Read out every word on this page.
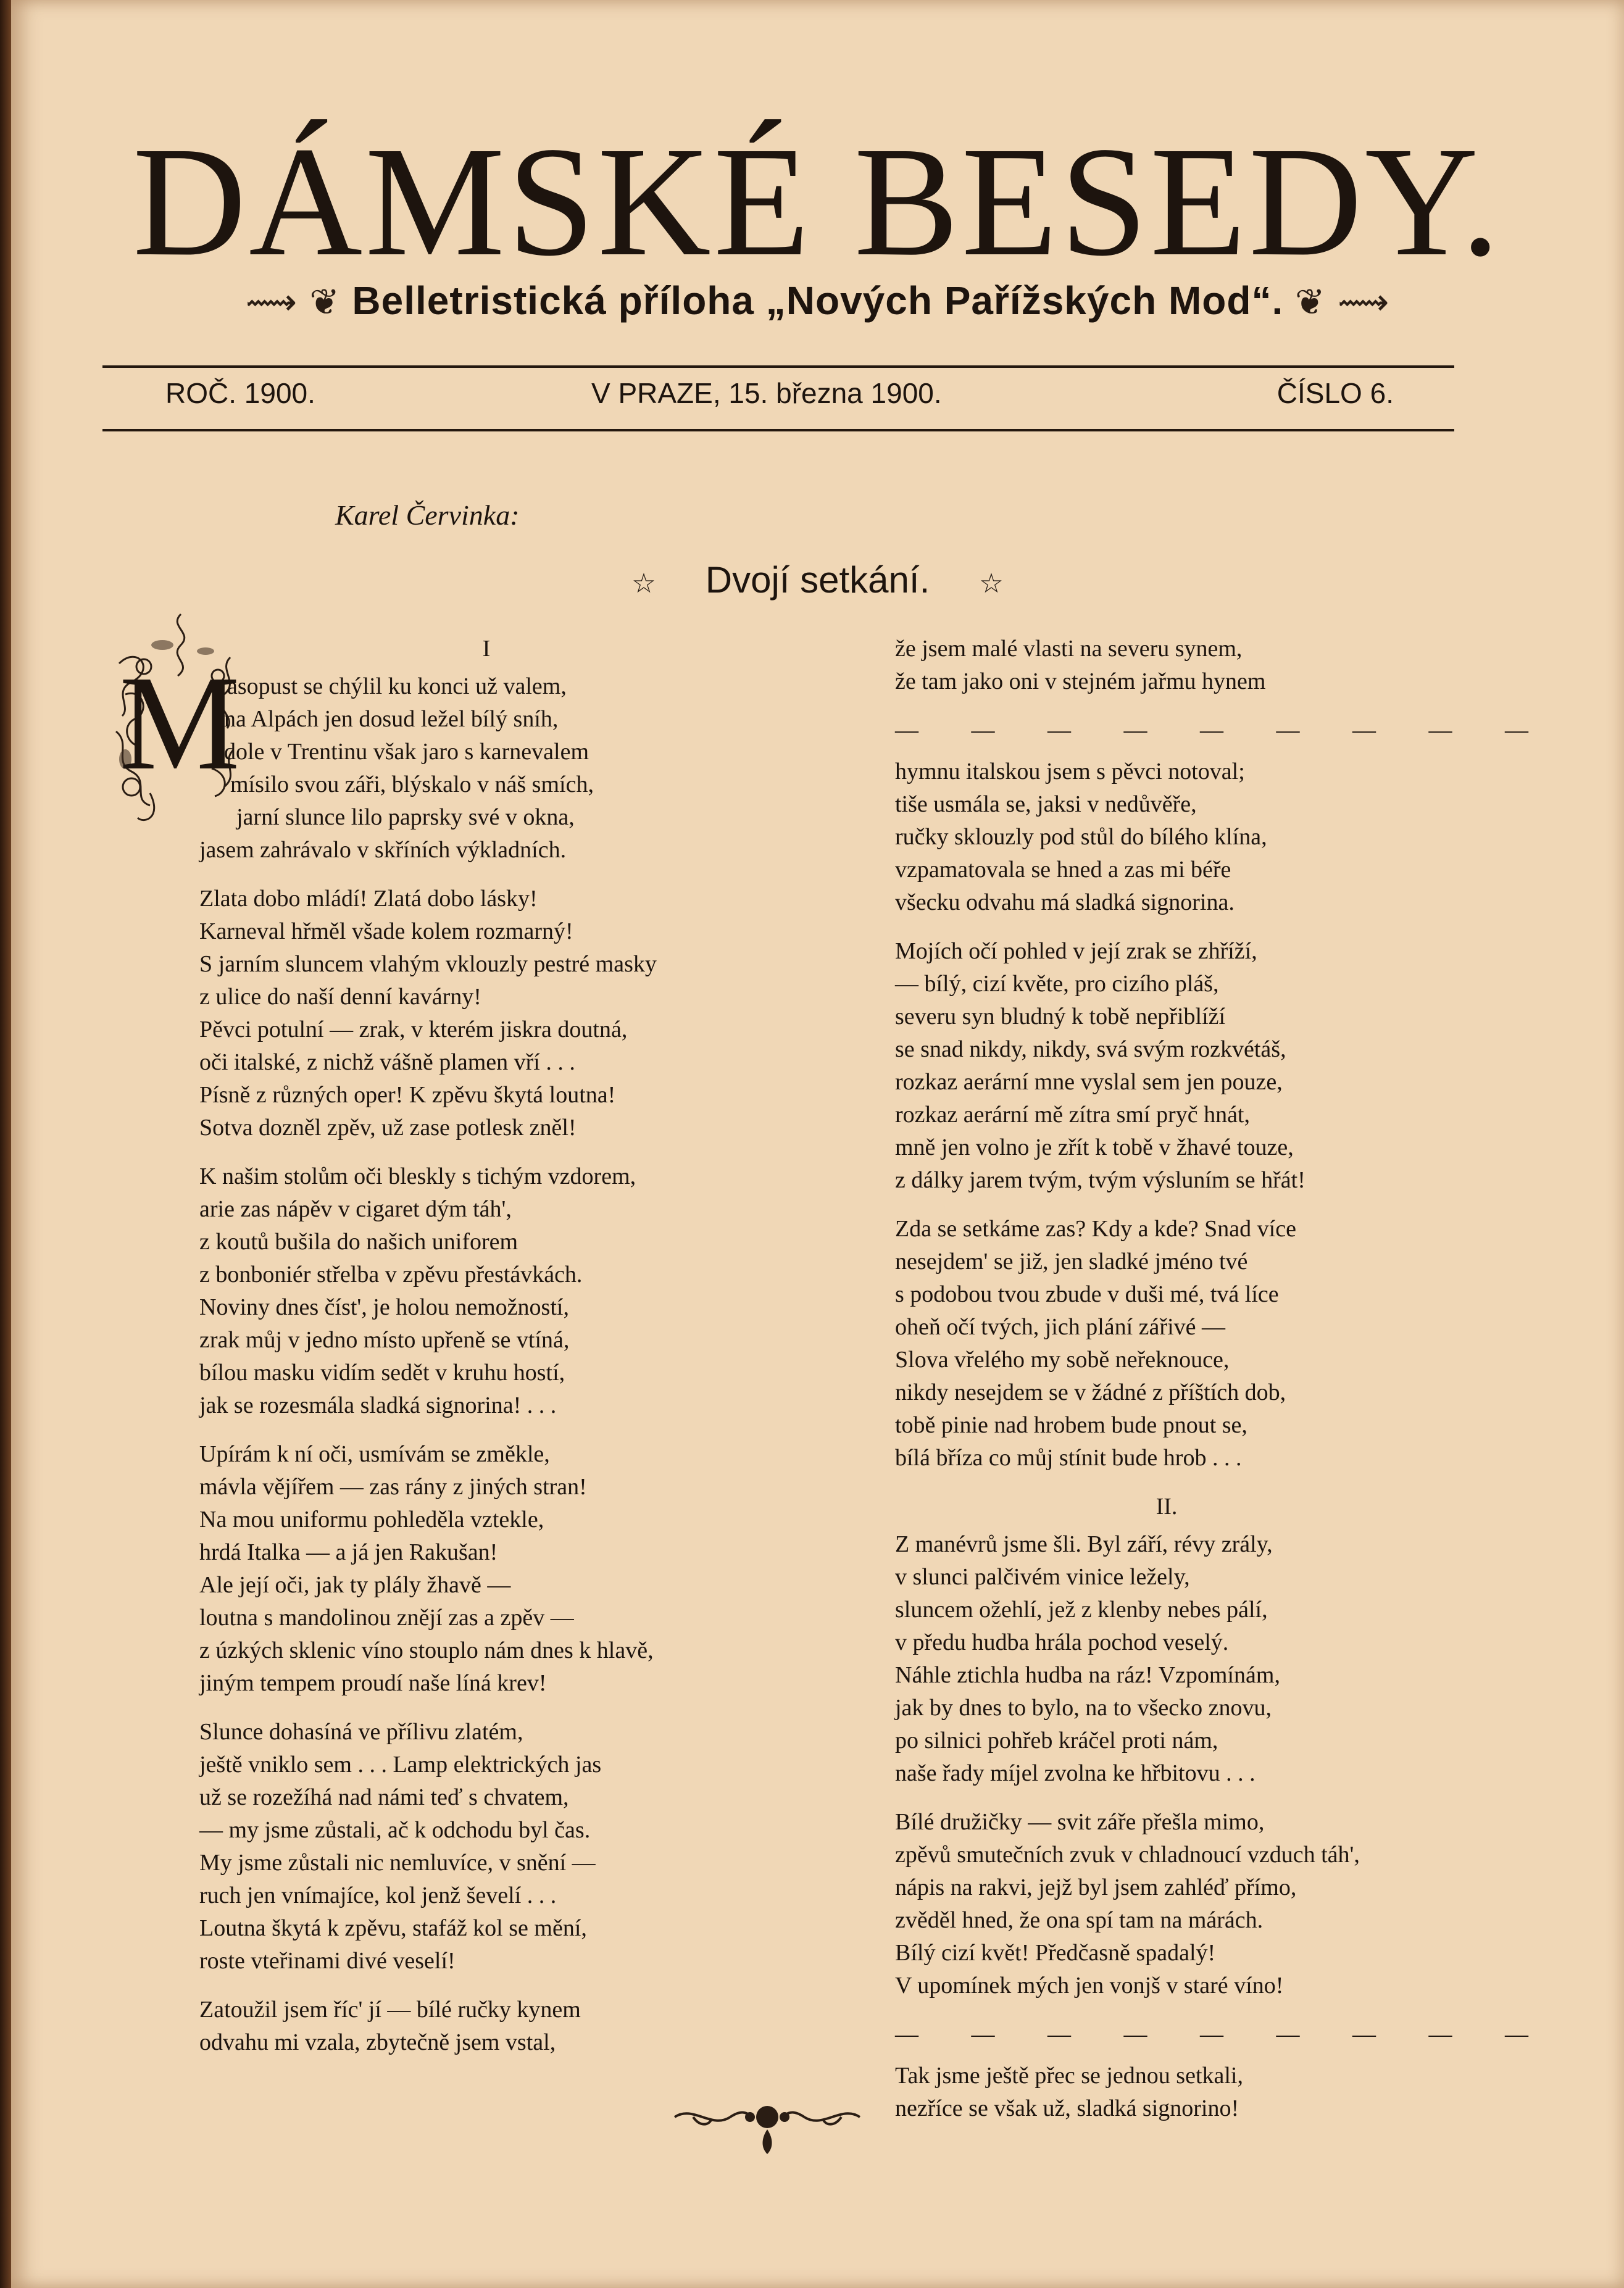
DÁMSKÉ BESEDY.
⟿ ❦ Belletristická příloha „Nových Pařížských Mod“. ❦ ⟿
ROČ. 1900.	V PRAZE, 15. března 1900.	ČÍSLO 6.
Karel Červinka:
☆ Dvojí setkání. ☆
M	I
asopust se chýlil ku konci už valem,
na Alpách jen dosud ležel bílý sníh,
dole v Trentinu však jaro s karnevalem
mísilo svou záři, blýskalo v náš smích,
jarní slunce lilo paprsky své v okna,
jasem zahrávalo v skříních výkladních.
Zlata dobo mládí! Zlatá dobo lásky!
Karneval hřměl všade kolem rozmarný!
S jarním sluncem vlahým vklouzly pestré masky
z ulice do naší denní kavárny!
Pěvci potulní — zrak, v kterém jiskra doutná,
oči italské, z nichž vášně plamen vří . . .
Písně z různých oper! K zpěvu škytá loutna!
Sotva dozněl zpěv, už zase potlesk zněl!
K našim stolům oči bleskly s tichým vzdorem,
arie zas nápěv v cigaret dým táh',
z koutů bušila do našich uniforem
z bonboniér střelba v zpěvu přestávkách.
Noviny dnes číst', je holou nemožností,
zrak můj v jedno místo upřeně se vtíná,
bílou masku vidím sedět v kruhu hostí,
jak se rozesmála sladká signorina! . . .
Upírám k ní oči, usmívám se změkle,
mávla vějířem — zas rány z jiných stran!
Na mou uniformu pohleděla vztekle,
hrdá Italka — a já jen Rakušan!
Ale její oči, jak ty plály žhavě —
loutna s mandolinou znějí zas a zpěv —
z úzkých sklenic víno stouplo nám dnes k hlavě,
jiným tempem proudí naše líná krev!
Slunce dohasíná ve přílivu zlatém,
ještě vniklo sem . . . Lamp elektrických jas
už se rozežíhá nad námi teď s chvatem,
— my jsme zůstali, ač k odchodu byl čas.
My jsme zůstali nic nemluvíce, v snění —
ruch jen vnímajíce, kol jenž ševelí . . .
Loutna škytá k zpěvu, stafáž kol se mění,
roste vteřinami divé veselí!
Zatoužil jsem říc' jí — bílé ručky kynem
odvahu mi vzala, zbytečně jsem vstal,
že jsem malé vlasti na severu synem,
že tam jako oni v stejném jařmu hynem
— — — — — — — — —
hymnu italskou jsem s pěvci notoval;
tiše usmála se, jaksi v nedůvěře,
ručky sklouzly pod stůl do bílého klína,
vzpamatovala se hned a zas mi béře
všecku odvahu má sladká signorina.
Mojích očí pohled v její zrak se zhříží,
— bílý, cizí květe, pro cizího pláš,
severu syn bludný k tobě nepřiblíží
se snad nikdy, nikdy, svá svým rozkvétáš,
rozkaz aerární mne vyslal sem jen pouze,
rozkaz aerární mě zítra smí pryč hnát,
mně jen volno je zřít k tobě v žhavé touze,
z dálky jarem tvým, tvým výsluním se hřát!
Zda se setkáme zas? Kdy a kde? Snad více
nesejdem' se již, jen sladké jméno tvé
s podobou tvou zbude v duši mé, tvá líce
oheň očí tvých, jich plání zářivé —
Slova vřelého my sobě neřeknouce,
nikdy nesejdem se v žádné z příštích dob,
tobě pinie nad hrobem bude pnout se,
bílá bříza co můj stínit bude hrob . . .
II.
Z manévrů jsme šli. Byl září, révy zrály,
v slunci palčivém vinice ležely,
sluncem ožehlí, jež z klenby nebes pálí,
v předu hudba hrála pochod veselý.
Náhle ztichla hudba na ráz! Vzpomínám,
jak by dnes to bylo, na to všecko znovu,
po silnici pohřeb kráčel proti nám,
naše řady míjel zvolna ke hřbitovu . . .
Bílé družičky — svit záře přešla mimo,
zpěvů smutečních zvuk v chladnoucí vzduch táh',
nápis na rakvi, jejž byl jsem zahléď přímo,
zvěděl hned, že ona spí tam na márách.
Bílý cizí květ! Předčasně spadalý!
V upomínek mých jen vonjš v staré víno!
— — — — — — — — —
Tak jsme ještě přec se jednou setkali,
nezříce se však už, sladká signorino!
